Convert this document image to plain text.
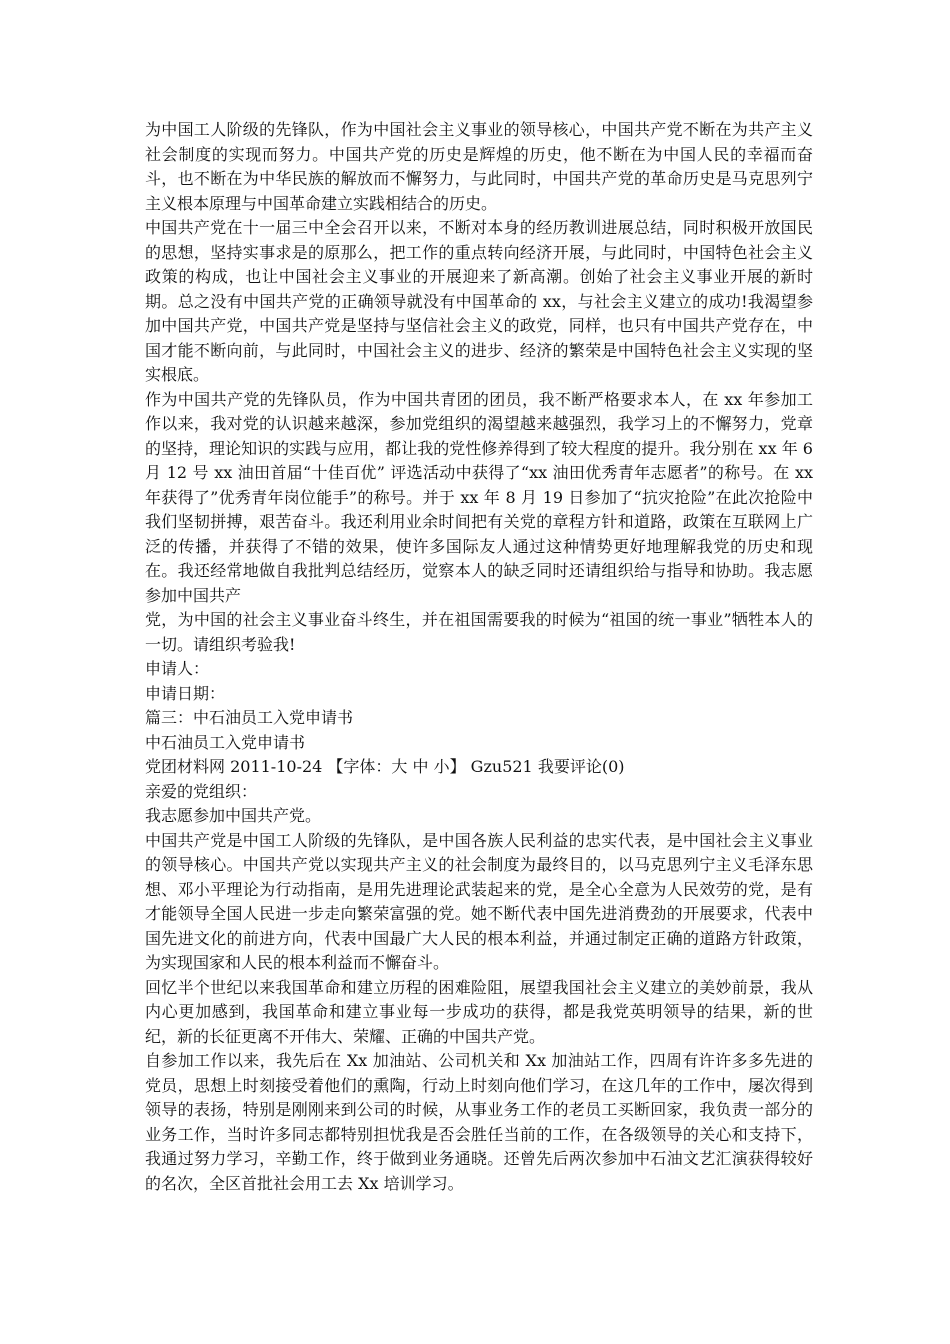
为中国工人阶级的先锋队，作为中国社会主义事业的领导核心，中国共产党不断在为共产主义社会制度的实现而努力。中国共产党的历史是辉煌的历史，他不断在为中国人民的幸福而奋斗，也不断在为中华民族的解放而不懈努力，与此同时，中国共产党的革命历史是马克思列宁主义根本原理与中国革命建立实践相结合的历史。

中国共产党在十一届三中全会召开以来，不断对本身的经历教训进展总结，同时积极开放国民的思想，坚持实事求是的原那么，把工作的重点转向经济开展，与此同时，中国特色社会主义政策的构成，也让中国社会主义事业的开展迎来了新高潮。创始了社会主义事业开展的新时期。总之没有中国共产党的正确领导就没有中国革命的 xx，与社会主义建立的成功!我渴望参加中国共产党，中国共产党是坚持与坚信社会主义的政党，同样，也只有中国共产党存在，中国才能不断向前，与此同时，中国社会主义的进步、经济的繁荣是中国特色社会主义实现的坚实根底。

作为中国共产党的先锋队员，作为中国共青团的团员，我不断严格要求本人，在 xx 年参加工作以来，我对党的认识越来越深，参加党组织的渴望越来越强烈，我学习上的不懈努力，党章的坚持，理论知识的实践与应用，都让我的党性修养得到了较大程度的提升。我分别在 xx 年 6 月 12 号 xx 油田首届“十佳百优” 评选活动中获得了“xx 油田优秀青年志愿者”的称号。在 xx 年获得了”优秀青年岗位能手”的称号。并于 xx 年 8 月 19 日参加了“抗灾抢险”在此次抢险中我们坚韧拼搏，艰苦奋斗。我还利用业余时间把有关党的章程方针和道路，政策在互联网上广泛的传播，并获得了不错的效果，使许多国际友人通过这种情势更好地理解我党的历史和现在。我还经常地做自我批判总结经历，觉察本人的缺乏同时还请组织给与指导和协助。我志愿参加中国共产

党，为中国的社会主义事业奋斗终生，并在祖国需要我的时候为“祖国的统一事业”牺牲本人的一切。请组织考验我!

申请人：

申请日期：

篇三：中石油员工入党申请书

中石油员工入党申请书

党团材料网 2011-10-24 【字体：大 中 小】 Gzu521 我要评论(0)

亲爱的党组织：

我志愿参加中国共产党。

中国共产党是中国工人阶级的先锋队，是中国各族人民利益的忠实代表，是中国社会主义事业的领导核心。中国共产党以实现共产主义的社会制度为最终目的，以马克思列宁主义毛泽东思想、邓小平理论为行动指南，是用先进理论武装起来的党，是全心全意为人民效劳的党，是有才能领导全国人民进一步走向繁荣富强的党。她不断代表中国先进消费劲的开展要求，代表中国先进文化的前进方向，代表中国最广大人民的根本利益，并通过制定正确的道路方针政策，为实现国家和人民的根本利益而不懈奋斗。

回忆半个世纪以来我国革命和建立历程的困难险阻，展望我国社会主义建立的美妙前景，我从内心更加感到，我国革命和建立事业每一步成功的获得，都是我党英明领导的结果，新的世纪，新的长征更离不开伟大、荣耀、正确的中国共产党。

自参加工作以来，我先后在 Xx 加油站、公司机关和 Xx 加油站工作，四周有许许多多先进的党员，思想上时刻接受着他们的熏陶，行动上时刻向他们学习，在这几年的工作中，屡次得到领导的表扬，特别是刚刚来到公司的时候，从事业务工作的老员工买断回家，我负责一部分的业务工作，当时许多同志都特别担忧我是否会胜任当前的工作，在各级领导的关心和支持下，我通过努力学习，辛勤工作，终于做到业务通晓。还曾先后两次参加中石油文艺汇演获得较好的名次，全区首批社会用工去 Xx 培训学习。
